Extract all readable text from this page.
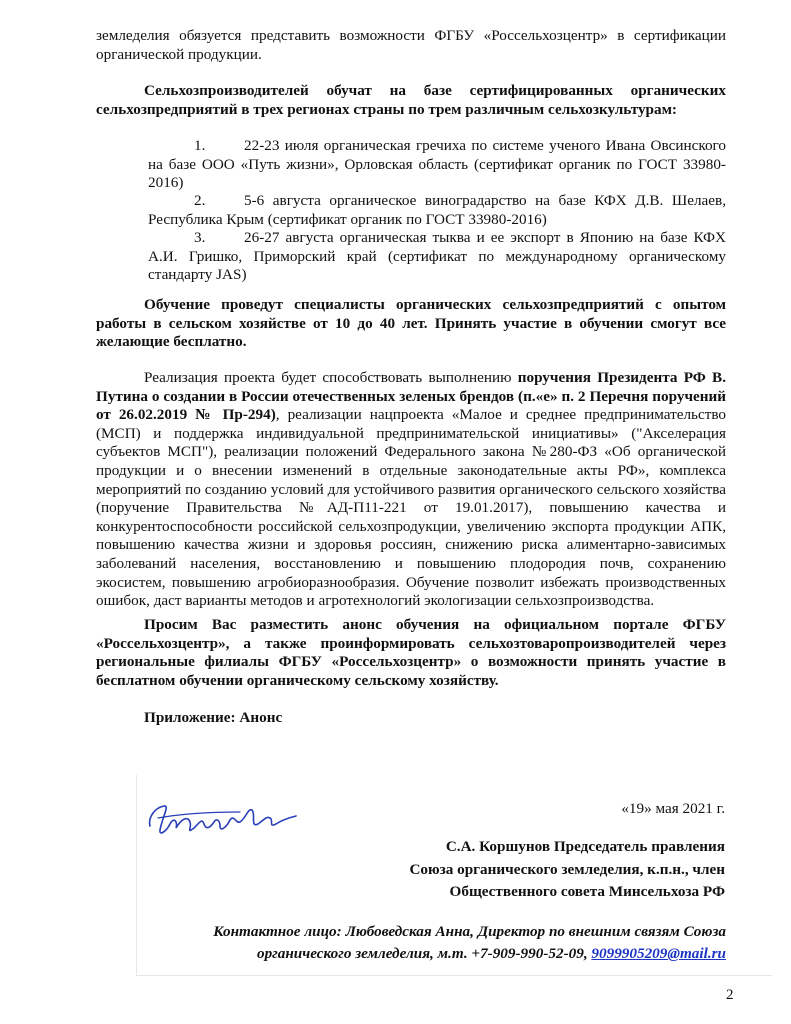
земледелия обязуется представить возможности ФГБУ «Россельхозцентр» в сертификации органической продукции.
Сельхозпроизводителей обучат на базе сертифицированных органических сельхозпредприятий в трех регионах страны по трем различным сельхозкультурам:
1.	22-23 июля органическая гречиха по системе ученого Ивана Овсинского на базе ООО «Путь жизни», Орловская область (сертификат органик по ГОСТ 33980-2016)
2.	5-6 августа органическое виноградарство на базе КФХ Д.В. Шелаев, Республика Крым (сертификат органик по ГОСТ 33980-2016)
3.	26-27 августа органическая тыква и ее экспорт в Японию на базе КФХ А.И. Гришко, Приморский край (сертификат по международному органическому стандарту JAS)
Обучение проведут специалисты органических сельхозпредприятий с опытом работы в сельском хозяйстве от 10 до 40 лет. Принять участие в обучении смогут все желающие бесплатно.
Реализация проекта будет способствовать выполнению поручения Президента РФ В. Путина о создании в России отечественных зеленых брендов (п.«е» п. 2 Перечня поручений от 26.02.2019 № Пр-294), реализации нацпроекта «Малое и среднее предпринимательство (МСП) и поддержка индивидуальной предпринимательской инициативы» ("Акселерация субъектов МСП"), реализации положений Федерального закона №280-ФЗ «Об органической продукции и о внесении изменений в отдельные законодательные акты РФ», комплекса мероприятий по созданию условий для устойчивого развития органического сельского хозяйства (поручение Правительства №АД-П11-221 от 19.01.2017), повышению качества и конкурентоспособности российской сельхозпродукции, увеличению экспорта продукции АПК, повышению качества жизни и здоровья россиян, снижению риска алиментарно-зависимых заболеваний населения, восстановлению и повышению плодородия почв, сохранению экосистем, повышению агробиоразнообразия. Обучение позволит избежать производственных ошибок, даст варианты методов и агротехнологий экологизации сельхозпроизводства.
Просим Вас разместить анонс обучения на официальном портале ФГБУ «Россельхозцентр», а также проинформировать сельхозтоваропроизводителей через региональные филиалы ФГБУ «Россельхозцентр» о возможности принять участие в бесплатном обучении органическому сельскому хозяйству.
Приложение: Анонс
«19» мая 2021 г.
С.А. Коршунов Председатель правления
Союза органического земледелия, к.п.н., член
Общественного совета Минсельхоза РФ
Контактное лицо: Любоведская Анна, Директор по внешним связям Союза
органического земледелия, м.т. +7-909-990-52-09, 9099905209@mail.ru
2
